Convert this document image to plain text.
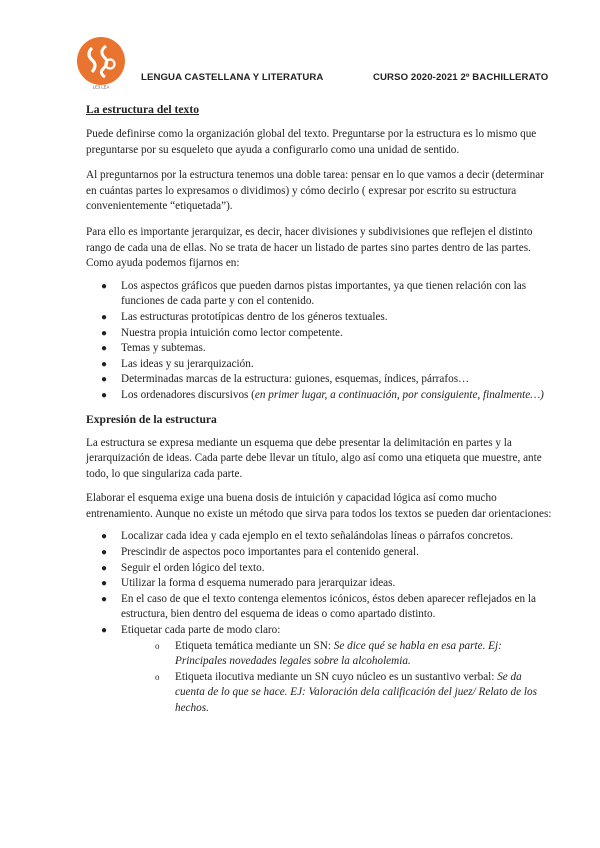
LE3 LEA
LENGUA CASTELLANA Y LITERATURA	CURSO 2020-2021 2º BACHILLERATO
La estructura del texto

Puede definirse como la organización global del texto. Preguntarse por la estructura es lo mismo que preguntarse por su esqueleto que ayuda a configurarlo como una unidad de sentido.

Al preguntarnos por la estructura tenemos una doble tarea: pensar en lo que vamos a decir (determinar en cuántas partes lo expresamos o dividimos) y cómo decirlo ( expresar por escrito su estructura convenientemente “etiquetada”).

Para ello es importante jerarquizar, es decir, hacer divisiones y subdivisiones que reflejen el distinto rango de cada una de ellas. No se trata de hacer un listado de partes sino partes dentro de las partes. Como ayuda podemos fijarnos en:

● Los aspectos gráficos que pueden darnos pistas importantes, ya que tienen relación con las funciones de cada parte y con el contenido.
● Las estructuras prototípicas dentro de los géneros textuales.
● Nuestra propia intuición como lector competente.
● Temas y subtemas.
● Las ideas y su jerarquización.
● Determinadas marcas de la estructura: guiones, esquemas, índices, párrafos…
● Los ordenadores discursivos (en primer lugar, a continuación, por consiguiente, finalmente…)
Expresión de la estructura

La estructura se expresa mediante un esquema que debe presentar la delimitación en partes y la jerarquización de ideas. Cada parte debe llevar un título, algo así como una etiqueta que muestre, ante todo, lo que singulariza cada parte.

Elaborar el esquema exige una buena dosis de intuición y capacidad lógica así como mucho entrenamiento. Aunque no existe un método que sirva para todos los textos se pueden dar orientaciones:

● Localizar cada idea y cada ejemplo en el texto señalándolas líneas o párrafos concretos.
● Prescindir de aspectos poco importantes para el contenido general.
● Seguir el orden lógico del texto.
● Utilizar la forma d esquema numerado para jerarquizar ideas.
● En el caso de que el texto contenga elementos icónicos, éstos deben aparecer reflejados en la estructura, bien dentro del esquema de ideas o como apartado distinto.
● Etiquetar cada parte de modo claro:
o Etiqueta temática mediante un SN: Se dice qué se habla en esa parte. Ej: Principales novedades legales sobre la alcoholemia.
o Etiqueta ilocutiva mediante un SN cuyo núcleo es un sustantivo verbal: Se da cuenta de lo que se hace. EJ: Valoración dela calificación del juez/ Relato de los hechos.
